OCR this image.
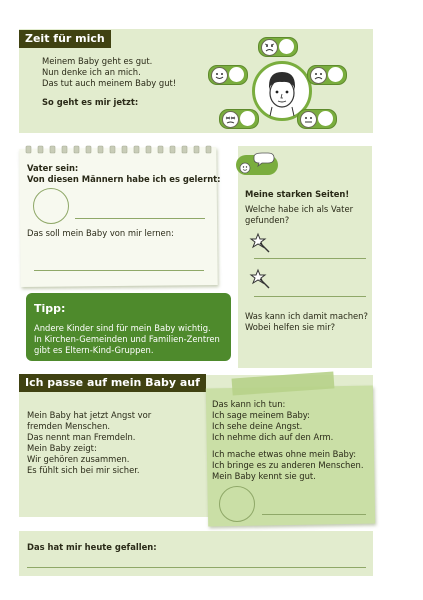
Zeit für mich
Meinem Baby geht es gut.
Nun denke ich an mich.
Das tut auch meinem Baby gut!
So geht es mir jetzt:
Vater sein:
Von diesen Männern habe ich es gelernt:
Das soll mein Baby von mir lernen:
Meine starken Seiten!
Welche habe ich als Vater
gefunden?
Was kann ich damit machen?
Wobei helfen sie mir?
Tipp:
Andere Kinder sind für mein Baby wichtig.
In Kirchen-Gemeinden und Familien-Zentren
gibt es Eltern-Kind-Gruppen.
Ich passe auf mein Baby auf
Mein Baby hat jetzt Angst vor
fremden Menschen.
Das nennt man Fremdeln.
Mein Baby zeigt:
Wir gehören zusammen.
Es fühlt sich bei mir sicher.
Das kann ich tun:
Ich sage meinem Baby:
Ich sehe deine Angst.
Ich nehme dich auf den Arm.
Ich mache etwas ohne mein Baby:
Ich bringe es zu anderen Menschen.
Mein Baby kennt sie gut.
Das hat mir heute gefallen:
